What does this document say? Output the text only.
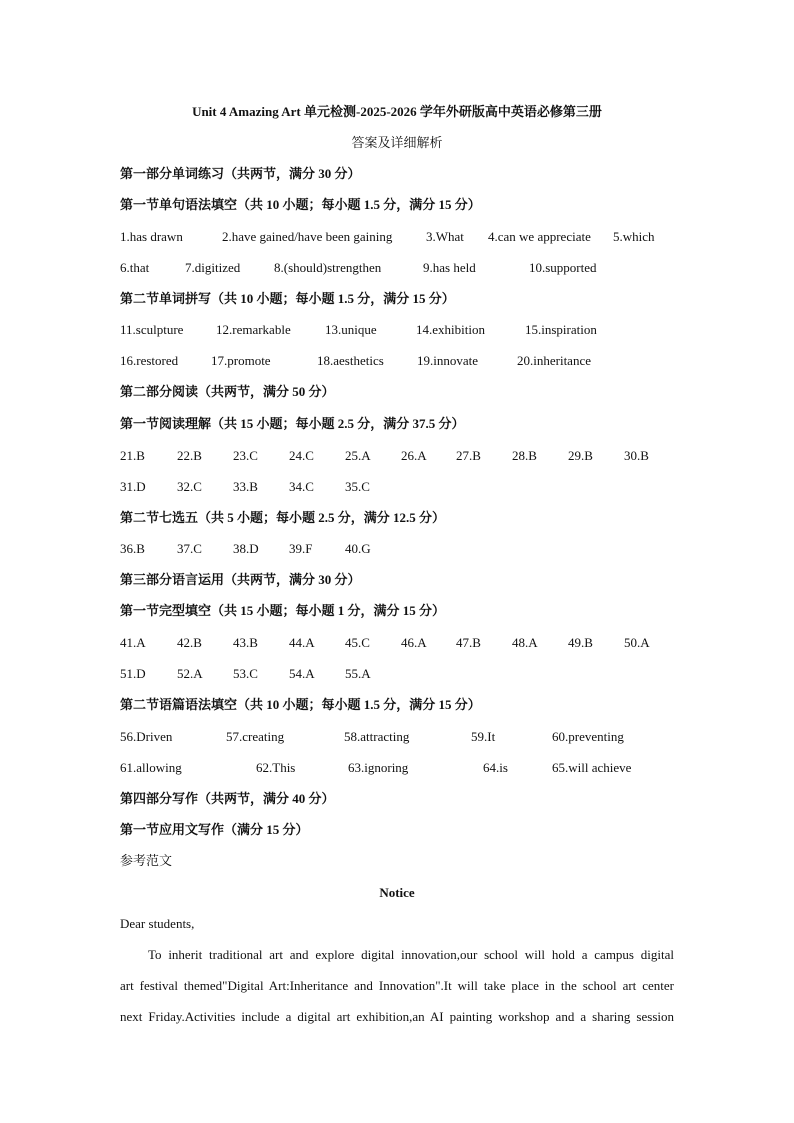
Unit 4 Amazing Art 单元检测-2025-2026 学年外研版高中英语必修第三册
答案及详细解析
第一部分单词练习（共两节，满分 30 分）
第一节单句语法填空（共 10 小题；每小题 1.5 分，满分 15 分）
1.has drawn	2.have gained/have been gaining	3.What 4.can we appreciate 5.which
6.that	7.digitized	8.(should)strengthen	9.has held	10.supported
第二节单词拼写（共 10 小题；每小题 1.5 分，满分 15 分）
11.sculpture	12.remarkable	13.unique	14.exhibition	15.inspiration
16.restored	17.promote	18.aesthetics	19.innovate	20.inheritance
第二部分阅读（共两节，满分 50 分）
第一节阅读理解（共 15 小题；每小题 2.5 分，满分 37.5 分）
21.B 22.B 23.C 24.C 25.A 26.A 27.B 28.B 29.B 30.B
31.D 32.C 33.B 34.C 35.C
第二节七选五（共 5 小题；每小题 2.5 分，满分 12.5 分）
36.B 37.C 38.D 39.F	40.G
第三部分语言运用（共两节，满分 30 分）
第一节完型填空（共 15 小题；每小题 1 分，满分 15 分）
41.A 42.B 43.B 44.A 45.C 46.A 47.B 48.A 49.B 50.A
51.D 52.A 53.C 54.A 55.A
第二节语篇语法填空（共 10 小题；每小题 1.5 分，满分 15 分）
56.Driven	57.creating	58.attracting	59.It	60.preventing
61.allowing	62.This	63.ignoring	64.is	65.will achieve
第四部分写作（共两节，满分 40 分）
第一节应用文写作（满分 15 分）
参考范文
Notice
Dear students,
To inherit traditional art and explore digital innovation,our school will hold a campus digital
art festival themed"Digital Art:Inheritance and Innovation".It will take place in the school art center
next Friday.Activities include a digital art exhibition,an AI painting workshop and a sharing session
